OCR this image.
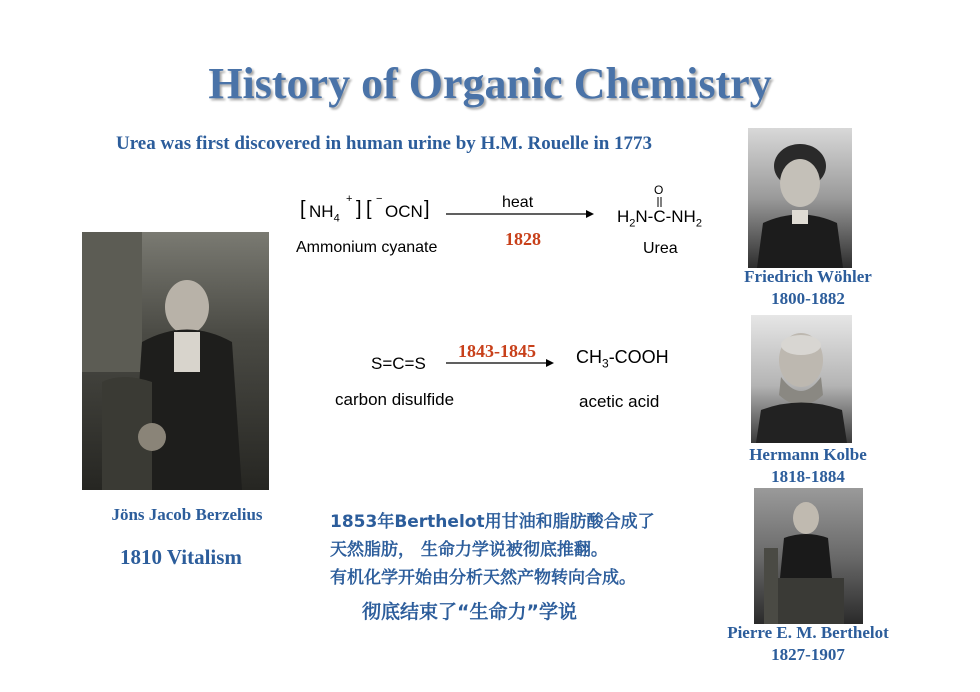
History of Organic Chemistry
Urea was first discovered in human urine by H.M. Rouelle in 1773
[ $NH_4$
+ ] [ −
OCN ]
Ammonium cyanate
heat
1828
O
$H_2N-C-NH_2$
Urea
S=C=S
carbon disulfide
1843-1845 $CH_3$-COOH
acetic acid
Jöns Jacob Berzelius
1810 Vitalism
Friedrich Wöhler
1800-1882
Hermann Kolbe
1818-1884
Pierre E. M. Berthelot
1827-1907
1853年Berthelot用甘油和脂肪酸合成了
天然脂肪， 生命力学说被彻底推翻。
有机化学开始由分析天然产物转向合成。
彻底结束了“生命力”学说
